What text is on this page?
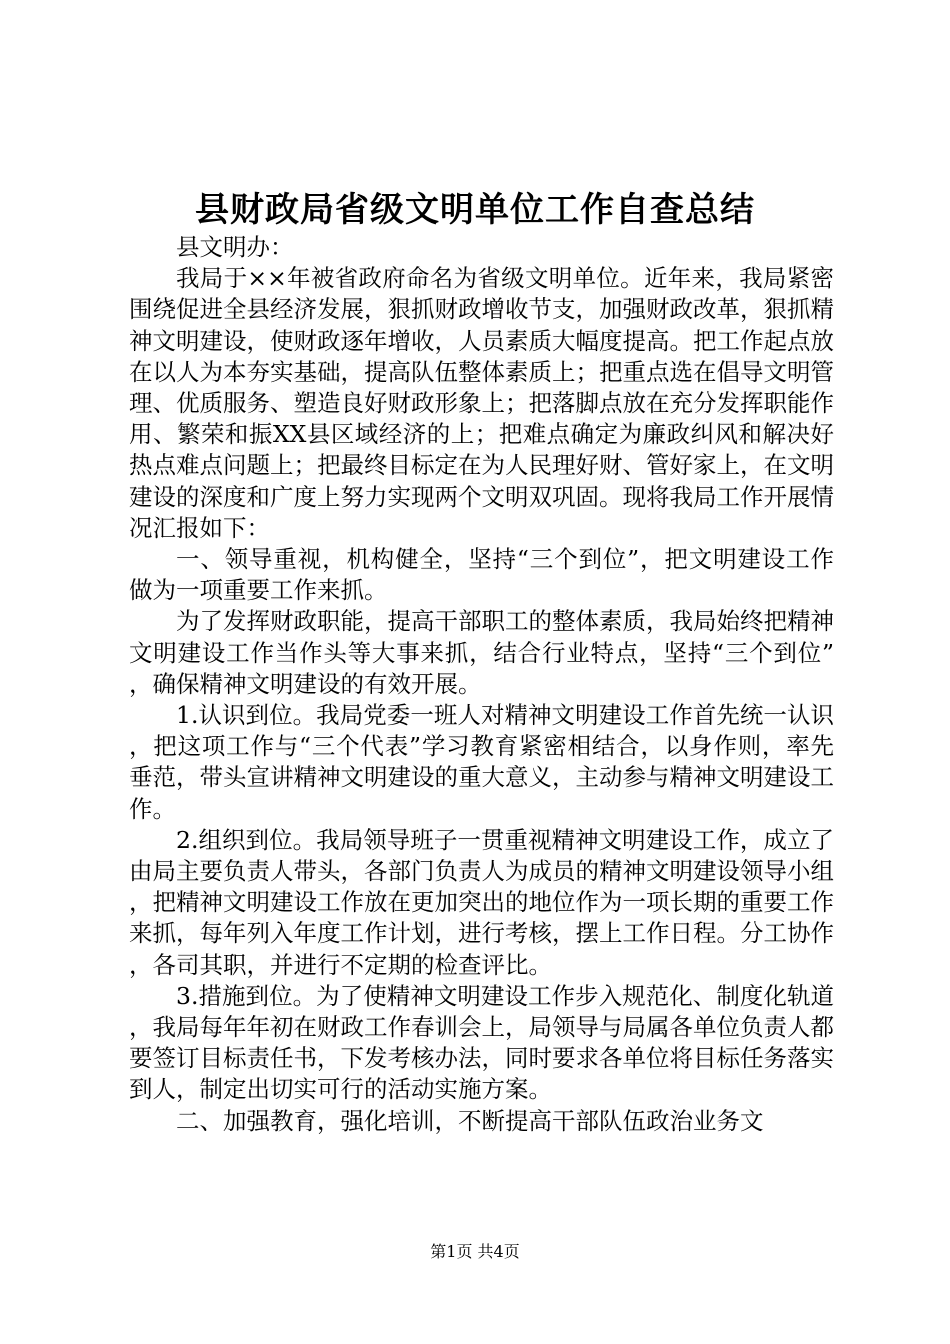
县财政局省级文明单位工作自查总结

县文明办：

我局于××年被省政府命名为省级文明单位。近年来，我局紧密围绕促进全县经济发展，狠抓财政增收节支，加强财政改革，狠抓精神文明建设，使财政逐年增收，人员素质大幅度提高。把工作起点放在以人为本夯实基础，提高队伍整体素质上；把重点选在倡导文明管理、优质服务、塑造良好财政形象上；把落脚点放在充分发挥职能作用、繁荣和振XX县区域经济的上；把难点确定为廉政纠风和解决好热点难点问题上；把最终目标定在为人民理好财、管好家上，在文明建设的深度和广度上努力实现两个文明双巩固。现将我局工作开展情况汇报如下：

一、领导重视，机构健全，坚持“三个到位”，把文明建设工作做为一项重要工作来抓。

为了发挥财政职能，提高干部职工的整体素质，我局始终把精神文明建设工作当作头等大事来抓，结合行业特点，坚持“三个到位”，确保精神文明建设的有效开展。

1.认识到位。我局党委一班人对精神文明建设工作首先统一认识，把这项工作与“三个代表”学习教育紧密相结合，以身作则，率先垂范，带头宣讲精神文明建设的重大意义，主动参与精神文明建设工作。

2.组织到位。我局领导班子一贯重视精神文明建设工作，成立了由局主要负责人带头，各部门负责人为成员的精神文明建设领导小组，把精神文明建设工作放在更加突出的地位作为一项长期的重要工作来抓，每年列入年度工作计划，进行考核，摆上工作日程。分工协作，各司其职，并进行不定期的检查评比。

3.措施到位。为了使精神文明建设工作步入规范化、制度化轨道，我局每年年初在财政工作春训会上，局领导与局属各单位负责人都要签订目标责任书，下发考核办法，同时要求各单位将目标任务落实到人，制定出切实可行的活动实施方案。

二、加强教育，强化培训，不断提高干部队伍政治业务文

第1页 共4页
